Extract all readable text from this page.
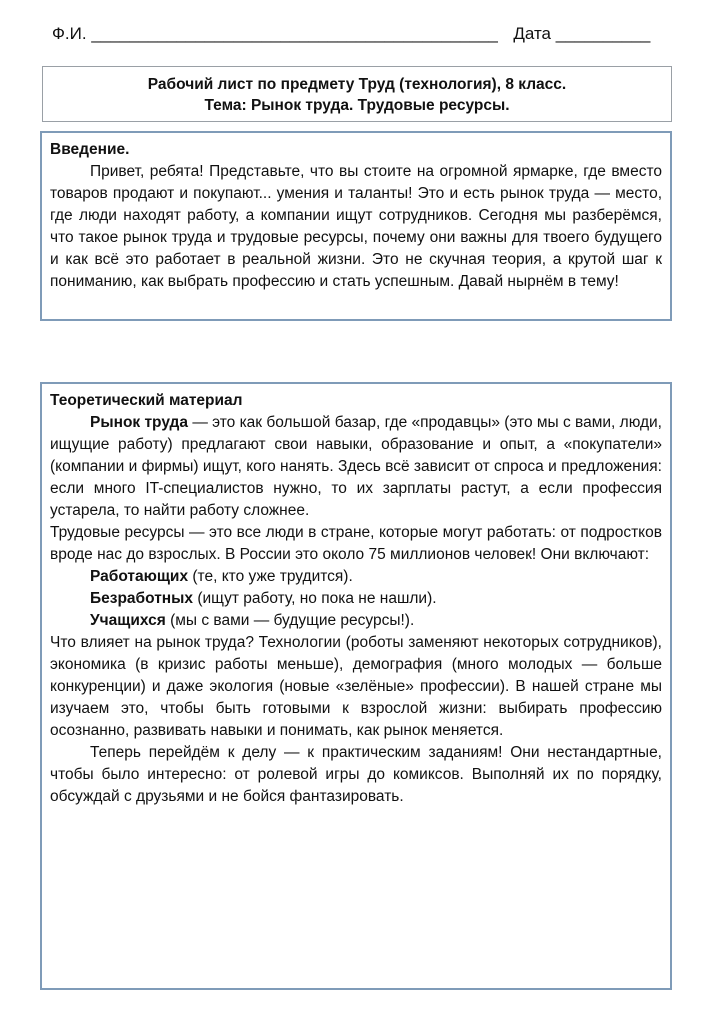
Ф.И. ___________________________________________ Дата __________
Рабочий лист по предмету Труд (технология), 8 класс.
Тема: Рынок труда. Трудовые ресурсы.
Введение.

Привет, ребята! Представьте, что вы стоите на огромной ярмарке, где вместо товаров продают и покупают... умения и таланты! Это и есть рынок труда — место, где люди находят работу, а компании ищут сотрудников. Сегодня мы разберёмся, что такое рынок труда и трудовые ресурсы, почему они важны для твоего будущего и как всё это работает в реальной жизни. Это не скучная теория, а крутой шаг к пониманию, как выбрать профессию и стать успешным. Давай нырнём в тему!

Теоретический материал

Рынок труда — это как большой базар, где «продавцы» (это мы с вами, люди, ищущие работу) предлагают свои навыки, образование и опыт, а «покупатели» (компании и фирмы) ищут, кого нанять. Здесь всё зависит от спроса и предложения: если много IT-специалистов нужно, то их зарплаты растут, а если профессия устарела, то найти работу сложнее.

Трудовые ресурсы — это все люди в стране, которые могут работать: от подростков вроде нас до взрослых. В России это около 75 миллионов человек! Они включают:

Работающих (те, кто уже трудится).
Безработных (ищут работу, но пока не нашли).
Учащихся (мы с вами — будущие ресурсы!).

Что влияет на рынок труда? Технологии (роботы заменяют некоторых сотрудников), экономика (в кризис работы меньше), демография (много молодых — больше конкуренции) и даже экология (новые «зелёные» профессии). В нашей стране мы изучаем это, чтобы быть готовыми к взрослой жизни: выбирать профессию осознанно, развивать навыки и понимать, как рынок меняется.

Теперь перейдём к делу — к практическим заданиям! Они нестандартные, чтобы было интересно: от ролевой игры до комиксов. Выполняй их по порядку, обсуждай с друзьями и не бойся фантазировать.
